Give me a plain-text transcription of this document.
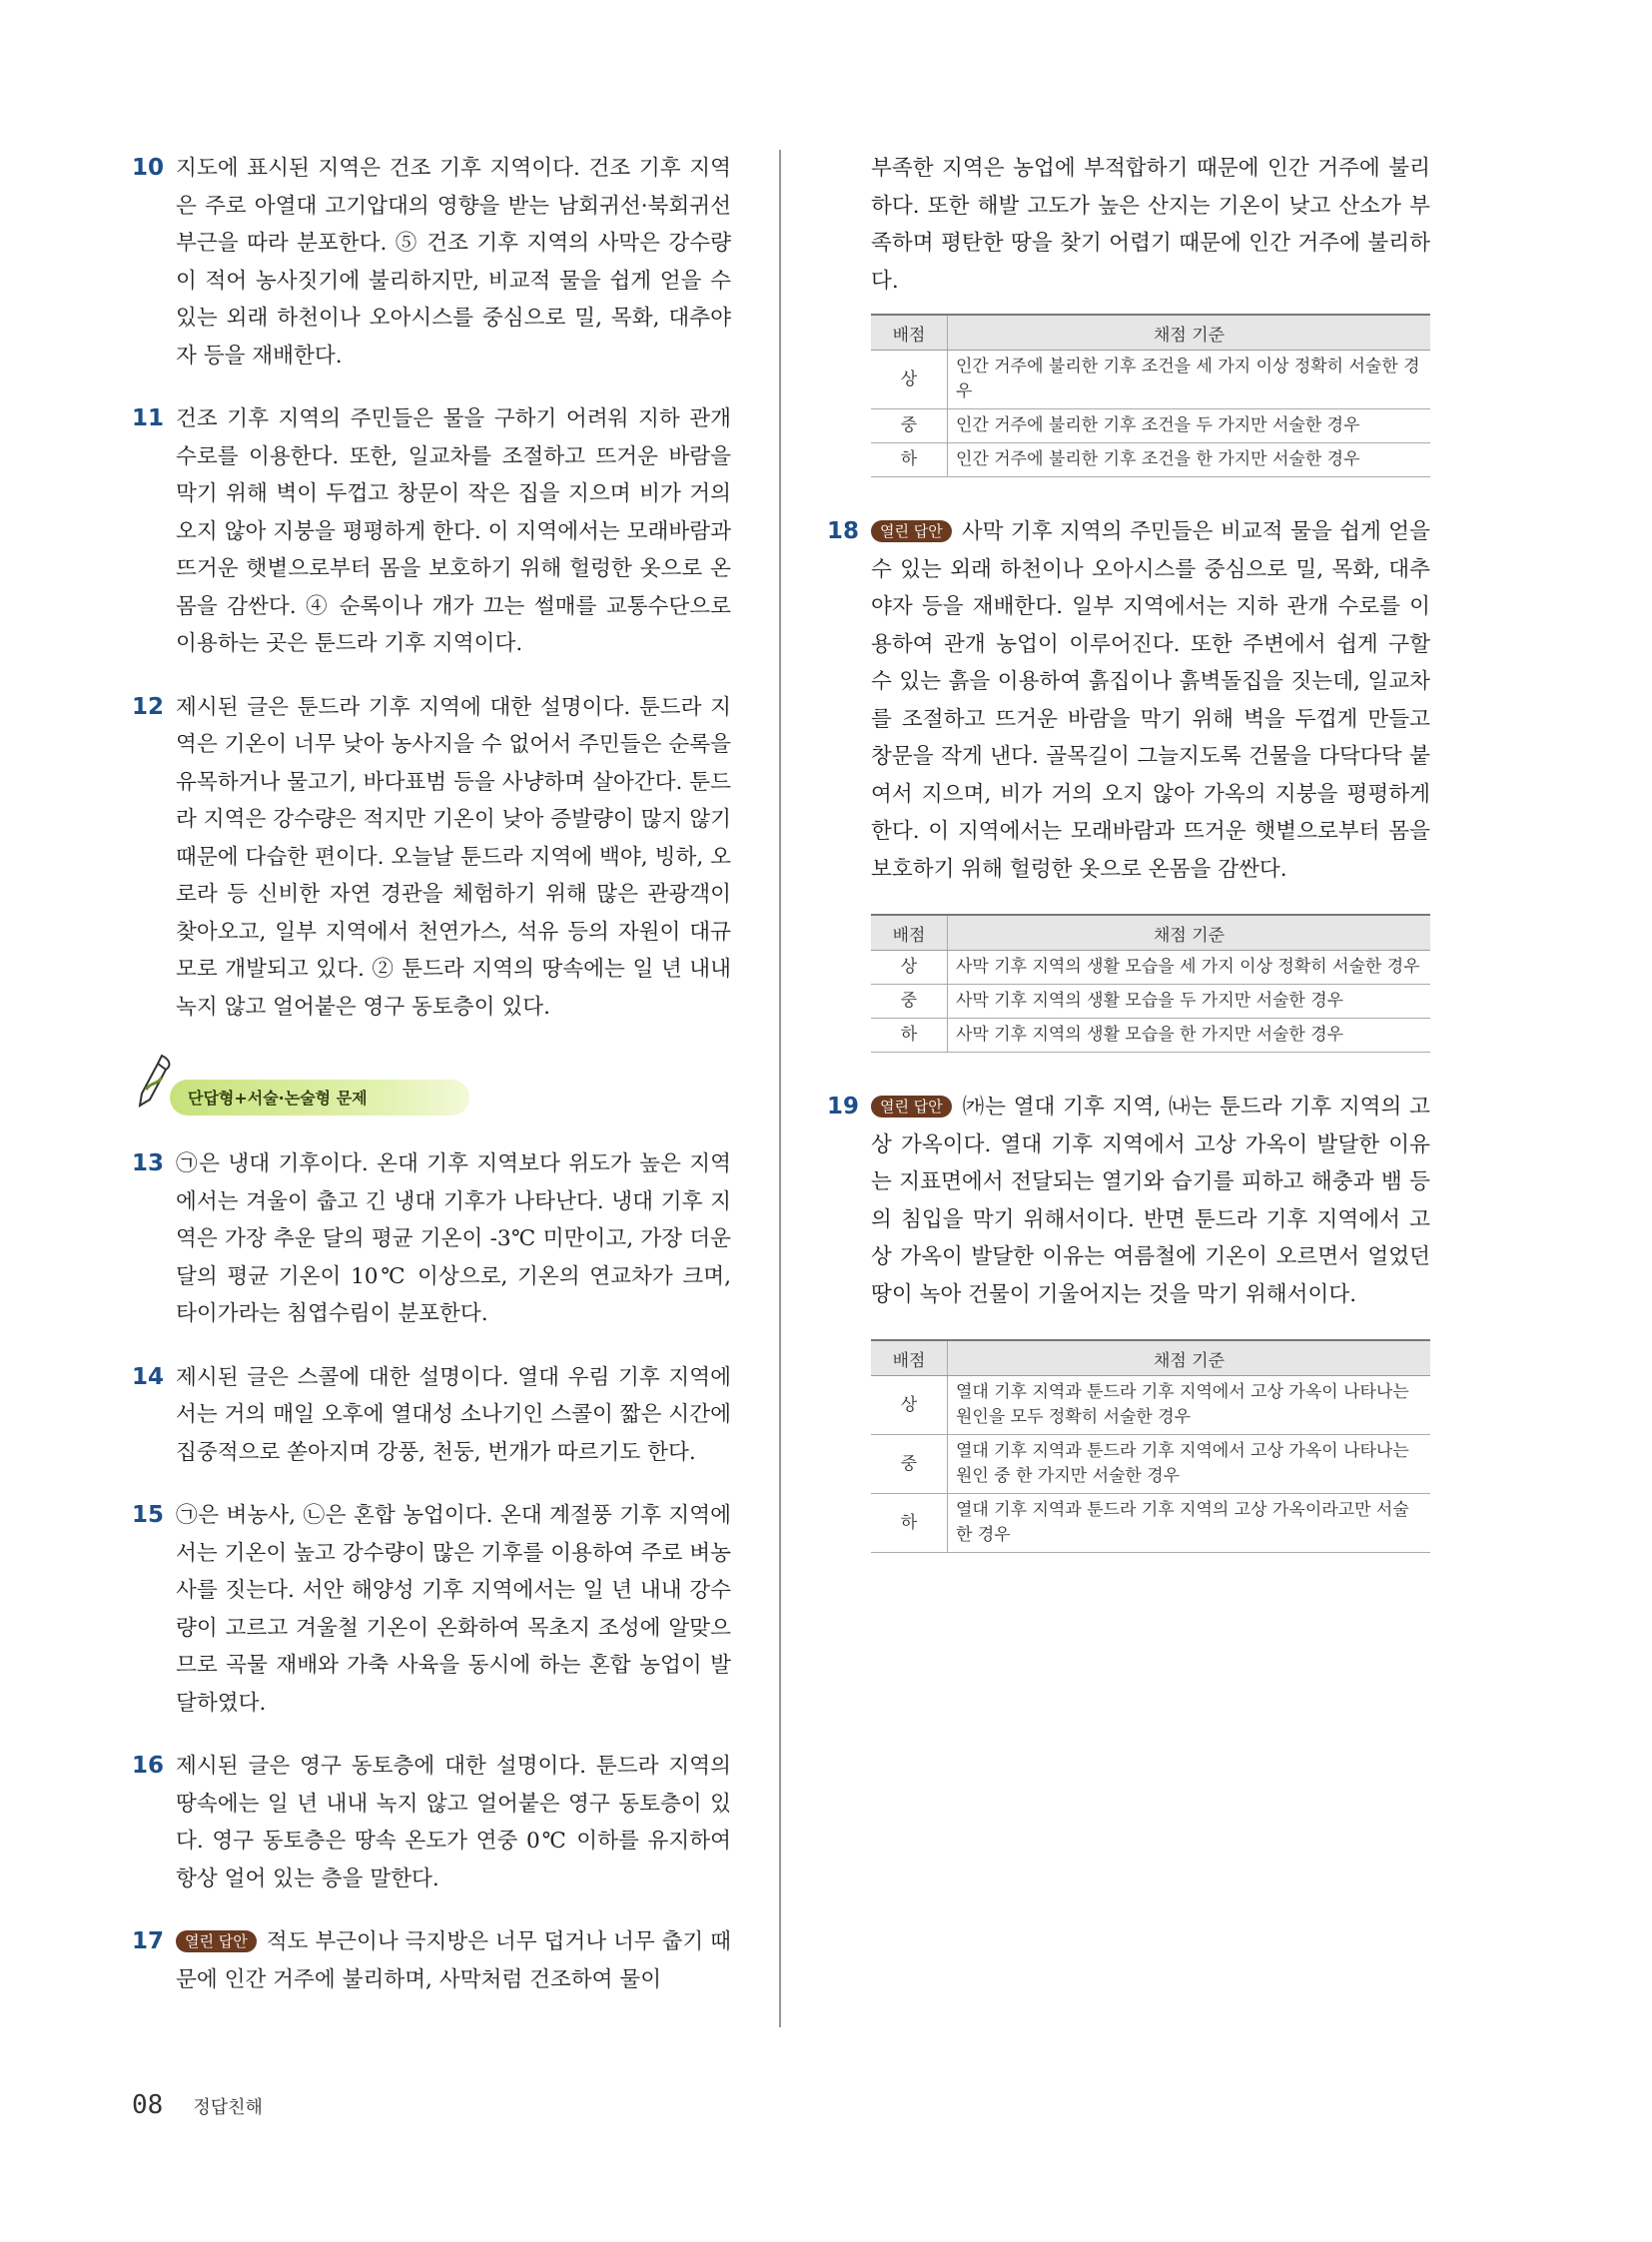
10 지도에 표시된 지역은 건조 기후 지역이다. 건조 기후 지역은 주로 아열대 고기압대의 영향을 받는 남회귀선·북회귀선 부근을 따라 분포한다. ⑤ 건조 기후 지역의 사막은 강수량이 적어 농사짓기에 불리하지만, 비교적 물을 쉽게 얻을 수 있는 외래 하천이나 오아시스를 중심으로 밀, 목화, 대추야자 등을 재배한다.
11 건조 기후 지역의 주민들은 물을 구하기 어려워 지하 관개 수로를 이용한다. 또한, 일교차를 조절하고 뜨거운 바람을 막기 위해 벽이 두껍고 창문이 작은 집을 지으며 비가 거의 오지 않아 지붕을 평평하게 한다. 이 지역에서는 모래바람과 뜨거운 햇볕으로부터 몸을 보호하기 위해 헐렁한 옷으로 온몸을 감싼다. ④ 순록이나 개가 끄는 썰매를 교통수단으로 이용하는 곳은 툰드라 기후 지역이다.
12 제시된 글은 툰드라 기후 지역에 대한 설명이다. 툰드라 지역은 기온이 너무 낮아 농사지을 수 없어서 주민들은 순록을 유목하거나 물고기, 바다표범 등을 사냥하며 살아간다. 툰드라 지역은 강수량은 적지만 기온이 낮아 증발량이 많지 않기 때문에 다습한 편이다. 오늘날 툰드라 지역에 백야, 빙하, 오로라 등 신비한 자연 경관을 체험하기 위해 많은 관광객이 찾아오고, 일부 지역에서 천연가스, 석유 등의 자원이 대규모로 개발되고 있다. ② 툰드라 지역의 땅속에는 일 년 내내 녹지 않고 얼어붙은 영구 동토층이 있다.
단답형+서술·논술형 문제
13 ㉠은 냉대 기후이다. 온대 기후 지역보다 위도가 높은 지역에서는 겨울이 춥고 긴 냉대 기후가 나타난다. 냉대 기후 지역은 가장 추운 달의 평균 기온이 -3℃ 미만이고, 가장 더운 달의 평균 기온이 10℃ 이상으로, 기온의 연교차가 크며, 타이가라는 침엽수림이 분포한다.
14 제시된 글은 스콜에 대한 설명이다. 열대 우림 기후 지역에서는 거의 매일 오후에 열대성 소나기인 스콜이 짧은 시간에 집중적으로 쏟아지며 강풍, 천둥, 번개가 따르기도 한다.
15 ㉠은 벼농사, ㉡은 혼합 농업이다. 온대 계절풍 기후 지역에서는 기온이 높고 강수량이 많은 기후를 이용하여 주로 벼농사를 짓는다. 서안 해양성 기후 지역에서는 일 년 내내 강수량이 고르고 겨울철 기온이 온화하여 목초지 조성에 알맞으므로 곡물 재배와 가축 사육을 동시에 하는 혼합 농업이 발달하였다.
16 제시된 글은 영구 동토층에 대한 설명이다. 툰드라 지역의 땅속에는 일 년 내내 녹지 않고 얼어붙은 영구 동토층이 있다. 영구 동토층은 땅속 온도가 연중 0℃ 이하를 유지하여 항상 얼어 있는 층을 말한다.
17	열린 답안 적도 부근이나 극지방은 너무 덥거나 너무 춥기 때문에 인간 거주에 불리하며, 사막처럼 건조하여 물이
부족한 지역은 농업에 부적합하기 때문에 인간 거주에 불리하다. 또한 해발 고도가 높은 산지는 기온이 낮고 산소가 부족하며 평탄한 땅을 찾기 어렵기 때문에 인간 거주에 불리하다.
배점	채점 기준
상	인간 거주에 불리한 기후 조건을 세 가지 이상 정확히 서술한 경우
중	인간 거주에 불리한 기후 조건을 두 가지만 서술한 경우
하	인간 거주에 불리한 기후 조건을 한 가지만 서술한 경우
18	열린 답안 사막 기후 지역의 주민들은 비교적 물을 쉽게 얻을 수 있는 외래 하천이나 오아시스를 중심으로 밀, 목화, 대추야자 등을 재배한다. 일부 지역에서는 지하 관개 수로를 이용하여 관개 농업이 이루어진다. 또한 주변에서 쉽게 구할 수 있는 흙을 이용하여 흙집이나 흙벽돌집을 짓는데, 일교차를 조절하고 뜨거운 바람을 막기 위해 벽을 두껍게 만들고 창문을 작게 낸다. 골목길이 그늘지도록 건물을 다닥다닥 붙여서 지으며, 비가 거의 오지 않아 가옥의 지붕을 평평하게 한다. 이 지역에서는 모래바람과 뜨거운 햇볕으로부터 몸을 보호하기 위해 헐렁한 옷으로 온몸을 감싼다.
배점	채점 기준
상	사막 기후 지역의 생활 모습을 세 가지 이상 정확히 서술한 경우
중	사막 기후 지역의 생활 모습을 두 가지만 서술한 경우
하	사막 기후 지역의 생활 모습을 한 가지만 서술한 경우
19	열린 답안 ㈎는 열대 기후 지역, ㈏는 툰드라 기후 지역의 고상 가옥이다. 열대 기후 지역에서 고상 가옥이 발달한 이유는 지표면에서 전달되는 열기와 습기를 피하고 해충과 뱀 등의 침입을 막기 위해서이다. 반면 툰드라 기후 지역에서 고상 가옥이 발달한 이유는 여름철에 기온이 오르면서 얼었던 땅이 녹아 건물이 기울어지는 것을 막기 위해서이다.
배점	채점 기준
상	열대 기후 지역과 툰드라 기후 지역에서 고상 가옥이 나타나는 원인을 모두 정확히 서술한 경우
중	열대 기후 지역과 툰드라 기후 지역에서 고상 가옥이 나타나는 원인 중 한 가지만 서술한 경우
하	열대 기후 지역과 툰드라 기후 지역의 고상 가옥이라고만 서술한 경우
08 정답친해
